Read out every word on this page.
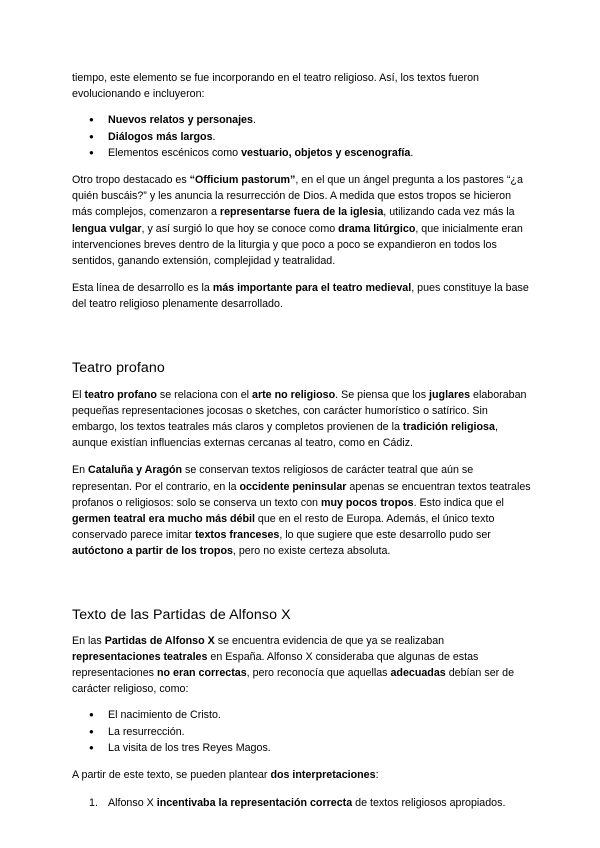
tiempo, este elemento se fue incorporando en el teatro religioso. Así, los textos fueron
evolucionando e incluyeron:

● Nuevos relatos y personajes.
● Diálogos más largos.
● Elementos escénicos como vestuario, objetos y escenografía.

Otro tropo destacado es “Officium pastorum”, en el que un ángel pregunta a los pastores “¿a quién buscáis?” y les anuncia la resurrección de Dios. A medida que estos tropos se hicieron más complejos, comenzaron a representarse fuera de la iglesia, utilizando cada vez más la lengua vulgar, y así surgió lo que hoy se conoce como drama litúrgico, que inicialmente eran intervenciones breves dentro de la liturgia y que poco a poco se expandieron en todos los sentidos, ganando extensión, complejidad y teatralidad.

Esta línea de desarrollo es la más importante para el teatro medieval, pues constituye la base del teatro religioso plenamente desarrollado.

Teatro profano

El teatro profano se relaciona con el arte no religioso. Se piensa que los juglares elaboraban pequeñas representaciones jocosas o sketches, con carácter humorístico o satírico. Sin embargo, los textos teatrales más claros y completos provienen de la tradición religiosa, aunque existían influencias externas cercanas al teatro, como en Cádiz.

En Cataluña y Aragón se conservan textos religiosos de carácter teatral que aún se representan. Por el contrario, en la occidente peninsular apenas se encuentran textos teatrales profanos o religiosos: solo se conserva un texto con muy pocos tropos. Esto indica que el germen teatral era mucho más débil que en el resto de Europa. Además, el único texto conservado parece imitar textos franceses, lo que sugiere que este desarrollo pudo ser autóctono a partir de los tropos, pero no existe certeza absoluta.

Texto de las Partidas de Alfonso X

En las Partidas de Alfonso X se encuentra evidencia de que ya se realizaban representaciones teatrales en España. Alfonso X consideraba que algunas de estas representaciones no eran correctas, pero reconocía que aquellas adecuadas debían ser de carácter religioso, como:

● El nacimiento de Cristo.
● La resurrección.
● La visita de los tres Reyes Magos.

A partir de este texto, se pueden plantear dos interpretaciones:

1. Alfonso X incentivaba la representación correcta de textos religiosos apropiados.
